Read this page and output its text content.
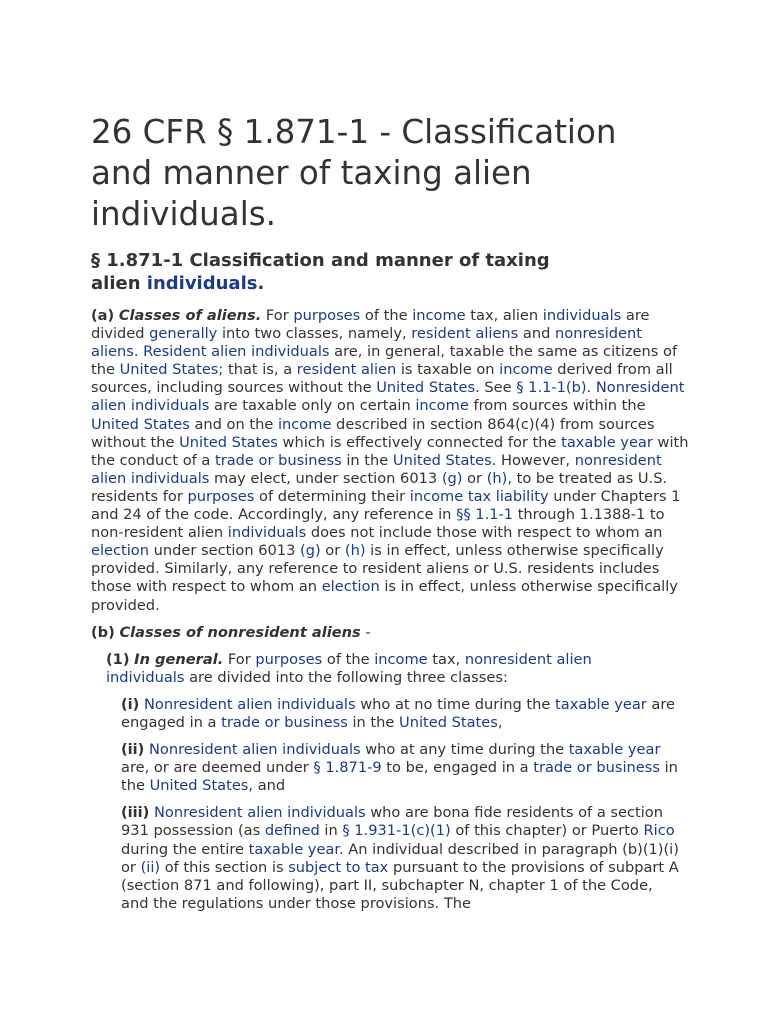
26 CFR § 1.871-1 - Classification and manner of taxing alien individuals.
§ 1.871-1 Classification and manner of taxing alien individuals.

(a) Classes of aliens. For purposes of the income tax, alien individuals are divided generally into two classes, namely, resident aliens and nonresident aliens. Resident alien individuals are, in general, taxable the same as citizens of the United States; that is, a resident alien is taxable on income derived from all sources, including sources without the United States. See § 1.1-1(b). Nonresident alien individuals are taxable only on certain income from sources within the United States and on the income described in section 864(c)(4) from sources without the United States which is effectively connected for the taxable year with the conduct of a trade or business in the United States. However, nonresident alien individuals may elect, under section 6013 (g) or (h), to be treated as U.S. residents for purposes of determining their income tax liability under Chapters 1 and 24 of the code. Accordingly, any reference in §§ 1.1-1 through 1.1388-1 to non-resident alien individuals does not include those with respect to whom an election under section 6013 (g) or (h) is in effect, unless otherwise specifically provided. Similarly, any reference to resident aliens or U.S. residents includes those with respect to whom an election is in effect, unless otherwise specifically provided.

(b) Classes of nonresident aliens -

(1) In general. For purposes of the income tax, nonresident alien individuals are divided into the following three classes:

(i) Nonresident alien individuals who at no time during the taxable year are engaged in a trade or business in the United States,

(ii) Nonresident alien individuals who at any time during the taxable year are, or are deemed under § 1.871-9 to be, engaged in a trade or business in the United States, and

(iii) Nonresident alien individuals who are bona fide residents of a section 931 possession (as defined in § 1.931-1(c)(1) of this chapter) or Puerto Rico during the entire taxable year. An individual described in paragraph (b)(1)(i) or (ii) of this section is subject to tax pursuant to the provisions of subpart A (section 871 and following), part II, subchapter N, chapter 1 of the Code, and the regulations under those provisions. The
